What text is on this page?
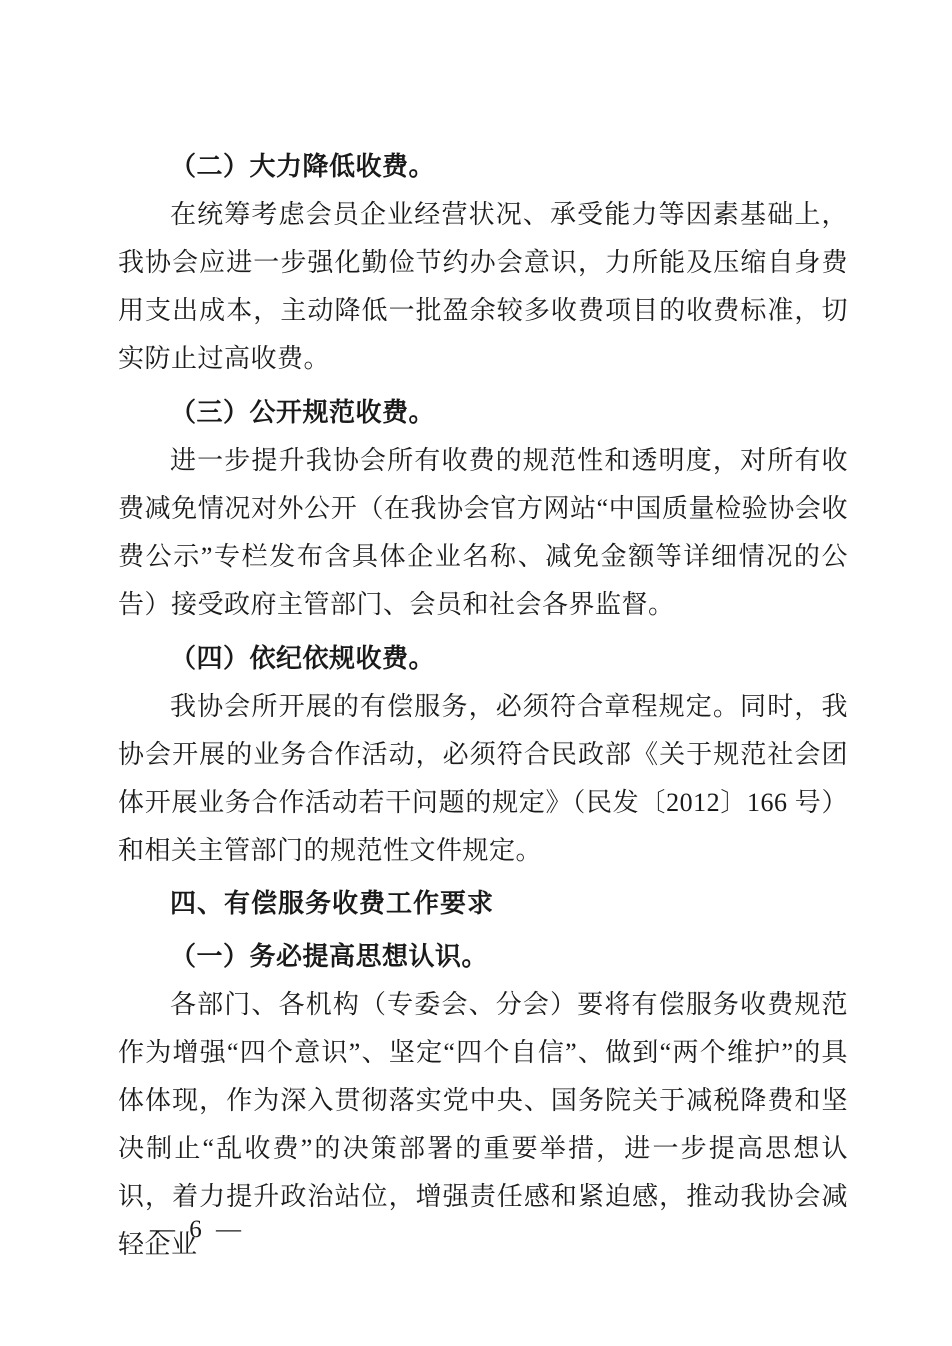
（二）大力降低收费。

在统筹考虑会员企业经营状况、承受能力等因素基础上，我协会应进一步强化勤俭节约办会意识，力所能及压缩自身费用支出成本，主动降低一批盈余较多收费项目的收费标准，切实防止过高收费。

（三）公开规范收费。

进一步提升我协会所有收费的规范性和透明度，对所有收费减免情况对外公开（在我协会官方网站“中国质量检验协会收费公示”专栏发布含具体企业名称、减免金额等详细情况的公告）接受政府主管部门、会员和社会各界监督。

（四）依纪依规收费。

我协会所开展的有偿服务，必须符合章程规定。同时，我协会开展的业务合作活动，必须符合民政部《关于规范社会团体开展业务合作活动若干问题的规定》（民发〔2012〕166 号）和相关主管部门的规范性文件规定。

四、有偿服务收费工作要求

（一）务必提高思想认识。

各部门、各机构（专委会、分会）要将有偿服务收费规范作为增强“四个意识”、坚定“四个自信”、做到“两个维护”的具体体现，作为深入贯彻落实党中央、国务院关于减税降费和坚决制止“乱收费”的决策部署的重要举措，进一步提高思想认识，着力提升政治站位，增强责任感和紧迫感，推动我协会减轻企业

— 6 —
